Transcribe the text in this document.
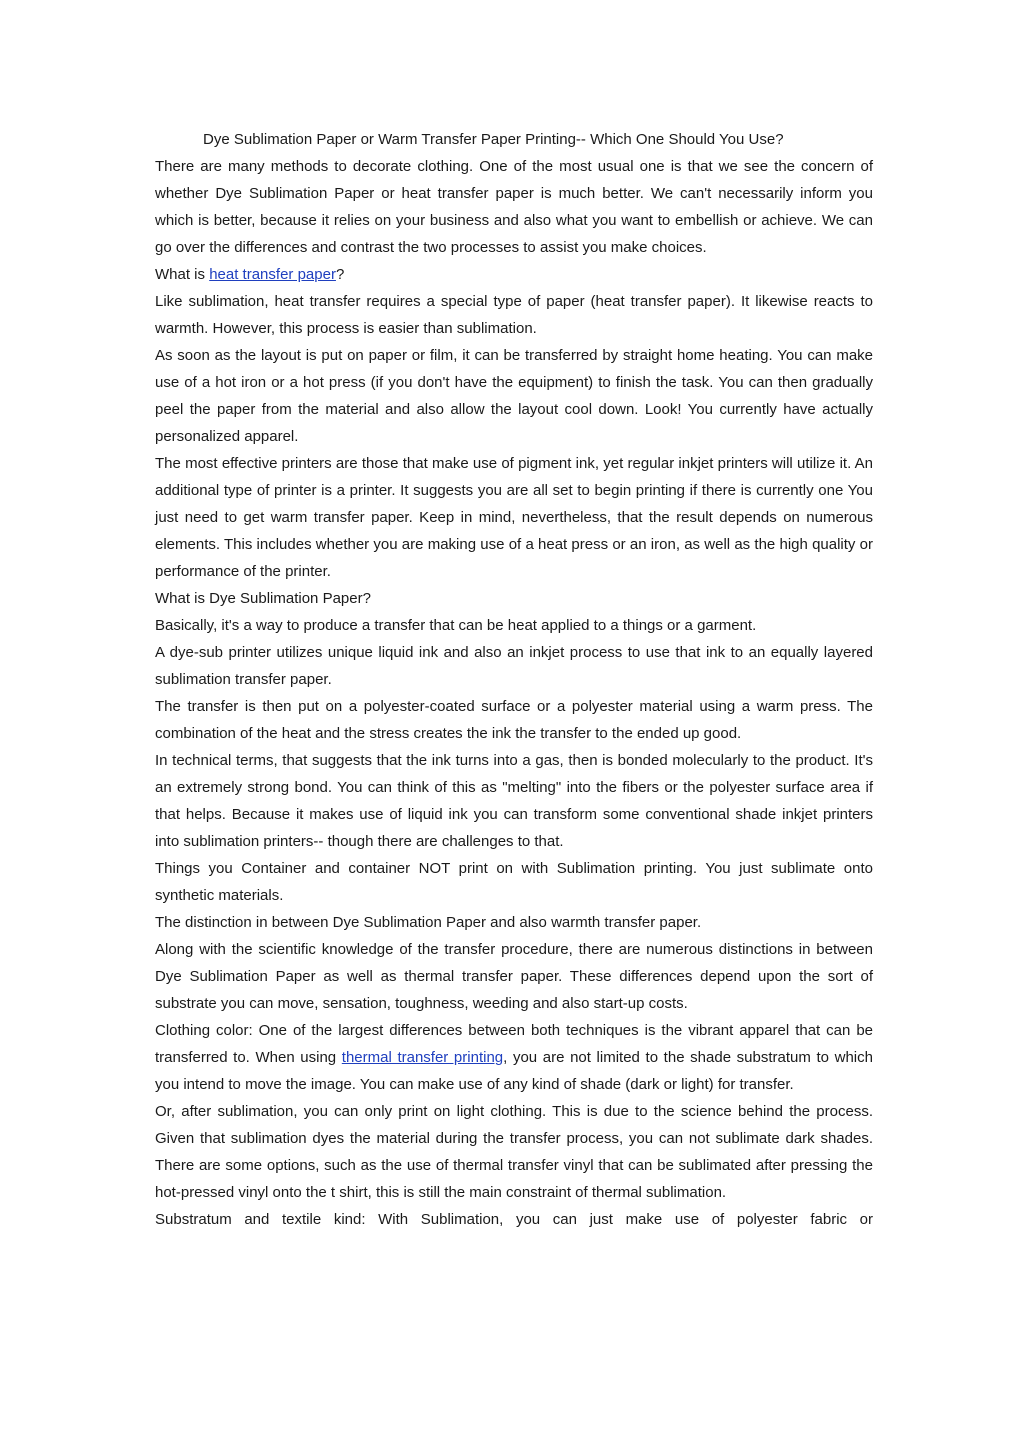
Dye Sublimation Paper or Warm Transfer Paper Printing-- Which One Should You Use?

There are many methods to decorate clothing. One of the most usual one is that we see the concern of whether Dye Sublimation Paper or heat transfer paper is much better. We can't necessarily inform you which is better, because it relies on your business and also what you want to embellish or achieve. We can go over the differences and contrast the two processes to assist you make choices.

What is heat transfer paper?

Like sublimation, heat transfer requires a special type of paper (heat transfer paper). It likewise reacts to warmth. However, this process is easier than sublimation.

As soon as the layout is put on paper or film, it can be transferred by straight home heating. You can make use of a hot iron or a hot press (if you don't have the equipment) to finish the task. You can then gradually peel the paper from the material and also allow the layout cool down. Look! You currently have actually personalized apparel.

The most effective printers are those that make use of pigment ink, yet regular inkjet printers will utilize it. An additional type of printer is a printer. It suggests you are all set to begin printing if there is currently one You just need to get warm transfer paper. Keep in mind, nevertheless, that the result depends on numerous elements. This includes whether you are making use of a heat press or an iron, as well as the high quality or performance of the printer.

What is Dye Sublimation Paper?

Basically, it's a way to produce a transfer that can be heat applied to a things or a garment.

A dye-sub printer utilizes unique liquid ink and also an inkjet process to use that ink to an equally layered sublimation transfer paper.

The transfer is then put on a polyester-coated surface or a polyester material using a warm press. The combination of the heat and the stress creates the ink the transfer to the ended up good.

In technical terms, that suggests that the ink turns into a gas, then is bonded molecularly to the product. It's an extremely strong bond. You can think of this as "melting" into the fibers or the polyester surface area if that helps. Because it makes use of liquid ink you can transform some conventional shade inkjet printers into sublimation printers-- though there are challenges to that.

Things you Container and container NOT print on with Sublimation printing. You just sublimate onto synthetic materials.

The distinction in between Dye Sublimation Paper and also warmth transfer paper.

Along with the scientific knowledge of the transfer procedure, there are numerous distinctions in between Dye Sublimation Paper as well as thermal transfer paper. These differences depend upon the sort of substrate you can move, sensation, toughness, weeding and also start-up costs.

Clothing color: One of the largest differences between both techniques is the vibrant apparel that can be transferred to. When using thermal transfer printing, you are not limited to the shade substratum to which you intend to move the image. You can make use of any kind of shade (dark or light) for transfer.

Or, after sublimation, you can only print on light clothing. This is due to the science behind the process. Given that sublimation dyes the material during the transfer process, you can not sublimate dark shades. There are some options, such as the use of thermal transfer vinyl that can be sublimated after pressing the hot-pressed vinyl onto the t shirt, this is still the main constraint of thermal sublimation.

Substratum and textile kind: With Sublimation, you can just make use of polyester fabric or
